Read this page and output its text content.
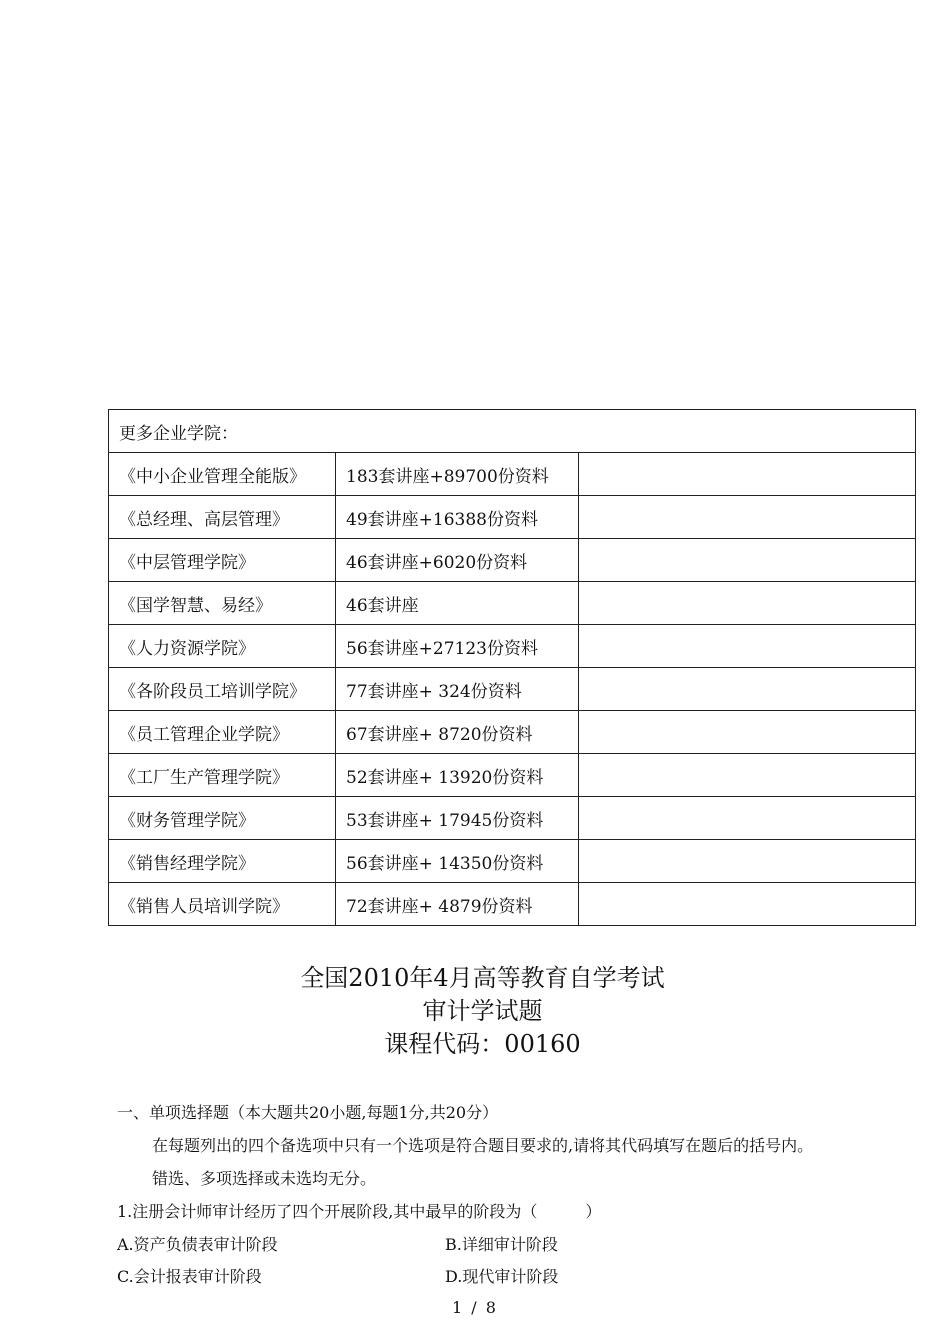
更多企业学院：		
《中小企业管理全能版》	183套讲座+89700份资料	
《总经理、高层管理》	49套讲座+16388份资料	
《中层管理学院》	46套讲座+6020份资料	
《国学智慧、易经》	46套讲座	
《人力资源学院》	56套讲座+27123份资料	
《各阶段员工培训学院》	77套讲座+ 324份资料	
《员工管理企业学院》	67套讲座+ 8720份资料	
《工厂生产管理学院》	52套讲座+ 13920份资料	
《财务管理学院》	53套讲座+ 17945份资料	
《销售经理学院》	56套讲座+ 14350份资料	
《销售人员培训学院》	72套讲座+ 4879份资料	
全国2010年4月高等教育自学考试
审计学试题
课程代码：00160
一、单项选择题（本大题共20小题,每题1分,共20分）
在每题列出的四个备选项中只有一个选项是符合题目要求的,请将其代码填写在题后的括号内。
错选、多项选择或未选均无分。
1.注册会计师审计经历了四个开展阶段,其中最早的阶段为（　　　）
A.资产负债表审计阶段	B.详细审计阶段
C.会计报表审计阶段	D.现代审计阶段
1 / 8
